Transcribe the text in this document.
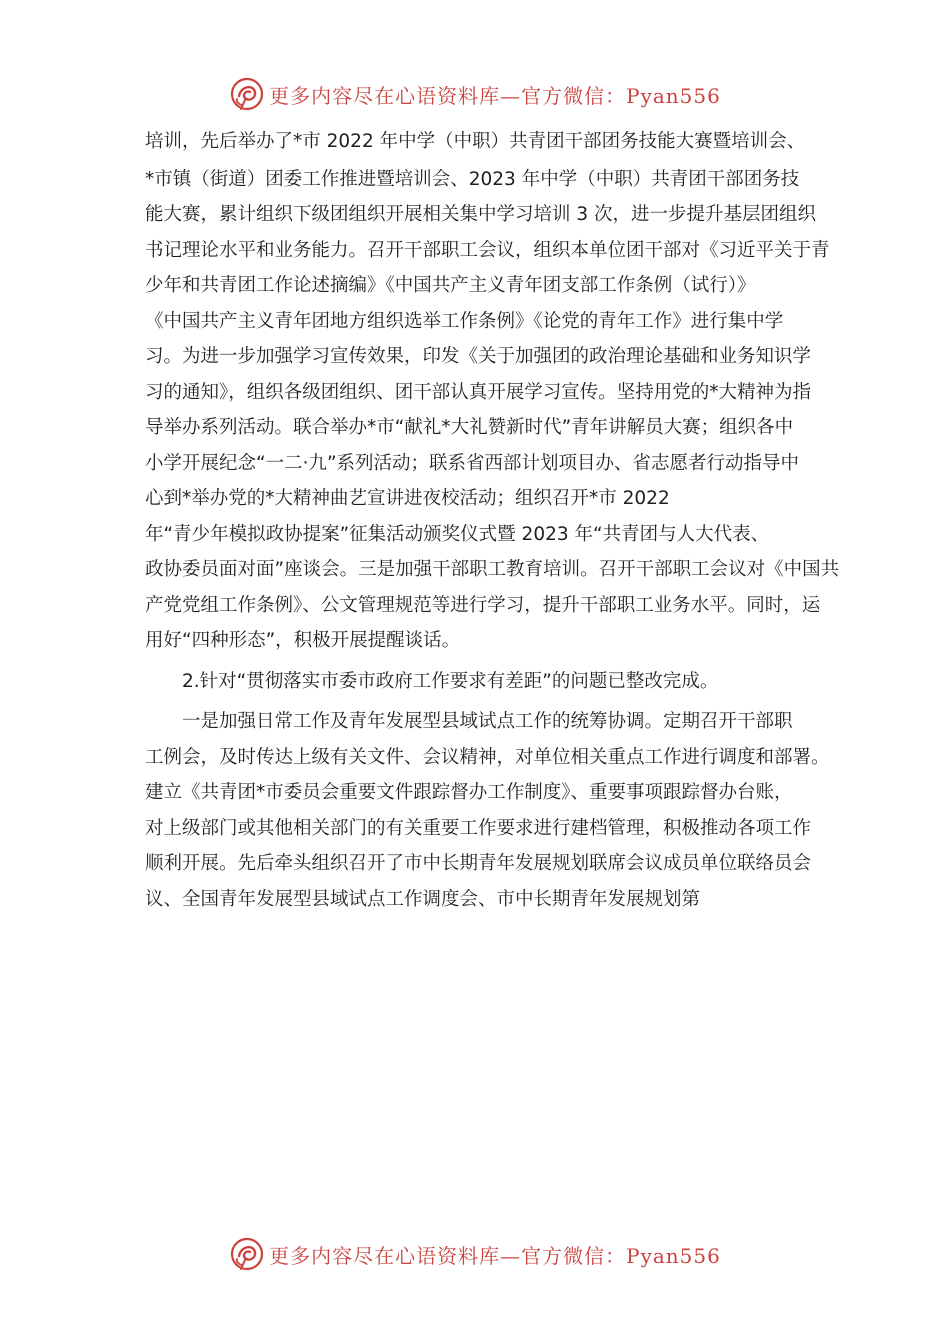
更多内容尽在心语资料库—官方微信：Pyan556
培训，先后举办了*市 2022 年中学（中职）共青团干部团务技能大赛暨培训会、
*市镇（街道）团委工作推进暨培训会、2023 年中学（中职）共青团干部团务技
能大赛，累计组织下级团组织开展相关集中学习培训 3 次，进一步提升基层团组织
书记理论水平和业务能力。召开干部职工会议，组织本单位团干部对《习近平关于青
少年和共青团工作论述摘编》《中国共产主义青年团支部工作条例（试行）》
《中国共产主义青年团地方组织选举工作条例》《论党的青年工作》进行集中学
习。为进一步加强学习宣传效果，印发《关于加强团的政治理论基础和业务知识学
习的通知》，组织各级团组织、团干部认真开展学习宣传。坚持用党的*大精神为指
导举办系列活动。联合举办*市“献礼*大礼赞新时代”青年讲解员大赛；组织各中
小学开展纪念“一二·九”系列活动；联系省西部计划项目办、省志愿者行动指导中
心到*举办党的*大精神曲艺宣讲进夜校活动；组织召开*市 2022
年“青少年模拟政协提案”征集活动颁奖仪式暨 2023 年“共青团与人大代表、
政协委员面对面”座谈会。三是加强干部职工教育培训。召开干部职工会议对《中国共
产党党组工作条例》、公文管理规范等进行学习，提升干部职工业务水平。同时，运
用好“四种形态”，积极开展提醒谈话。
2.针对“贯彻落实市委市政府工作要求有差距”的问题已整改完成。
一是加强日常工作及青年发展型县域试点工作的统筹协调。定期召开干部职
工例会，及时传达上级有关文件、会议精神，对单位相关重点工作进行调度和部署。
建立《共青团*市委员会重要文件跟踪督办工作制度》、重要事项跟踪督办台账，
对上级部门或其他相关部门的有关重要工作要求进行建档管理，积极推动各项工作
顺利开展。先后牵头组织召开了市中长期青年发展规划联席会议成员单位联络员会
议、全国青年发展型县域试点工作调度会、市中长期青年发展规划第
更多内容尽在心语资料库—官方微信：Pyan556
